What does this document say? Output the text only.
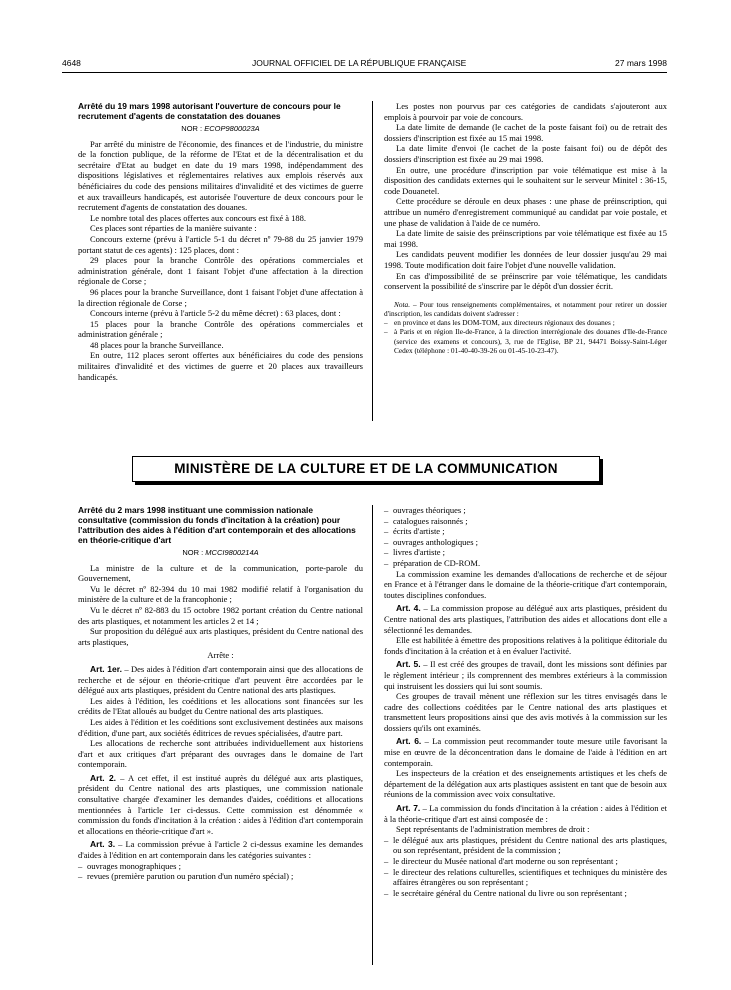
4648	JOURNAL OFFICIEL DE LA RÉPUBLIQUE FRANÇAISE	27 mars 1998
Arrêté du 19 mars 1998 autorisant l'ouverture de concours pour le recrutement d'agents de constatation des douanes
NOR : ECOP9800023A

Par arrêté du ministre de l'économie, des finances et de l'industrie, du ministre de la fonction publique, de la réforme de l'Etat et de la décentralisation et du secrétaire d'Etat au budget en date du 19 mars 1998, indépendamment des dispositions législatives et réglementaires relatives aux emplois réservés aux bénéficiaires du code des pensions militaires d'invalidité et des victimes de guerre et aux travailleurs handicapés, est autorisée l'ouverture de deux concours pour le recrutement d'agents de constatation des douanes.

Le nombre total des places offertes aux concours est fixé à 188.

Ces places sont réparties de la manière suivante :

Concours externe (prévu à l'article 5-1 du décret nº 79-88 du 25 janvier 1979 portant statut de ces agents) : 125 places, dont :

29 places pour la branche Contrôle des opérations commerciales et administration générale, dont 1 faisant l'objet d'une affectation à la direction régionale de Corse ;

96 places pour la branche Surveillance, dont 1 faisant l'objet d'une affectation à la direction régionale de Corse ;

Concours interne (prévu à l'article 5-2 du même décret) : 63 places, dont :

15 places pour la branche Contrôle des opérations commerciales et administration générale ;

48 places pour la branche Surveillance.

En outre, 112 places seront offertes aux bénéficiaires du code des pensions militaires d'invalidité et des victimes de guerre et 20 places aux travailleurs handicapés.

Les postes non pourvus par ces catégories de candidats s'ajouteront aux emplois à pourvoir par voie de concours.

La date limite de demande (le cachet de la poste faisant foi) ou de retrait des dossiers d'inscription est fixée au 15 mai 1998.

La date limite d'envoi (le cachet de la poste faisant foi) ou de dépôt des dossiers d'inscription est fixée au 29 mai 1998.

En outre, une procédure d'inscription par voie télématique est mise à la disposition des candidats externes qui le souhaitent sur le serveur Minitel : 36-15, code Douanetel.

Cette procédure se déroule en deux phases : une phase de préinscription, qui attribue un numéro d'enregistrement communiqué au candidat par voie postale, et une phase de validation à l'aide de ce numéro.

La date limite de saisie des préinscriptions par voie télématique est fixée au 15 mai 1998.

Les candidats peuvent modifier les données de leur dossier jusqu'au 29 mai 1998. Toute modification doit faire l'objet d'une nouvelle validation.

En cas d'impossibilité de se préinscrire par voie télématique, les candidats conservent la possibilité de s'inscrire par le dépôt d'un dossier écrit.

Nota. – Pour tous renseignements complémentaires, et notamment pour retirer un dossier d'inscription, les candidats doivent s'adresser :

– en province et dans les DOM-TOM, aux directeurs régionaux des douanes ;

– à Paris et en région Ile-de-France, à la direction interrégionale des douanes d'Ile-de-France (service des examens et concours), 3, rue de l'Eglise, BP 21, 94471 Boissy-Saint-Léger Cedex (téléphone : 01-40-40-39-26 ou 01-45-10-23-47).

MINISTÈRE DE LA CULTURE ET DE LA COMMUNICATION
Arrêté du 2 mars 1998 instituant une commission nationale consultative (commission du fonds d'incitation à la création) pour l'attribution des aides à l'édition d'art contemporain et des allocations en théorie-critique d'art
NOR : MCCI9800214A

La ministre de la culture et de la communication, porte-parole du Gouvernement,

Vu le décret nº 82-394 du 10 mai 1982 modifié relatif à l'organisation du ministère de la culture et de la francophonie ;

Vu le décret nº 82-883 du 15 octobre 1982 portant création du Centre national des arts plastiques, et notamment les articles 2 et 14 ;

Sur proposition du délégué aux arts plastiques, président du Centre national des arts plastiques,

Arrête :

Art. 1er. – Des aides à l'édition d'art contemporain ainsi que des allocations de recherche et de séjour en théorie-critique d'art peuvent être accordées par le délégué aux arts plastiques, président du Centre national des arts plastiques.

Les aides à l'édition, les coéditions et les allocations sont financées sur les crédits de l'Etat alloués au budget du Centre national des arts plastiques.

Les aides à l'édition et les coéditions sont exclusivement destinées aux maisons d'édition, d'une part, aux sociétés éditrices de revues spécialisées, d'autre part.

Les allocations de recherche sont attribuées individuellement aux historiens d'art et aux critiques d'art préparant des ouvrages dans le domaine de l'art contemporain.

Art. 2. – A cet effet, il est institué auprès du délégué aux arts plastiques, président du Centre national des arts plastiques, une commission nationale consultative chargée d'examiner les demandes d'aides, coéditions et allocations mentionnées à l'article 1er ci-dessus. Cette commission est dénommée « commission du fonds d'incitation à la création : aides à l'édition d'art contemporain et allocations en théorie-critique d'art ».

Art. 3. – La commission prévue à l'article 2 ci-dessus examine les demandes d'aides à l'édition en art contemporain dans les catégories suivantes :

– ouvrages monographiques ;

– revues (première parution ou parution d'un numéro spécial) ;

– ouvrages théoriques ;

– catalogues raisonnés ;

– écrits d'artiste ;

– ouvrages anthologiques ;

– livres d'artiste ;

– préparation de CD-ROM.

La commission examine les demandes d'allocations de recherche et de séjour en France et à l'étranger dans le domaine de la théorie-critique d'art contemporain, toutes disciplines confondues.

Art. 4. – La commission propose au délégué aux arts plastiques, président du Centre national des arts plastiques, l'attribution des aides et allocations dont elle a sélectionné les demandes.

Elle est habilitée à émettre des propositions relatives à la politique éditoriale du fonds d'incitation à la création et à en évaluer l'activité.

Art. 5. – Il est créé des groupes de travail, dont les missions sont définies par le règlement intérieur ; ils comprennent des membres extérieurs à la commission qui instruisent les dossiers qui lui sont soumis.

Ces groupes de travail mènent une réflexion sur les titres envisagés dans le cadre des collections coéditées par le Centre national des arts plastiques et transmettent leurs propositions ainsi que des avis motivés à la commission sur les dossiers qu'ils ont examinés.

Art. 6. – La commission peut recommander toute mesure utile favorisant la mise en œuvre de la déconcentration dans le domaine de l'aide à l'édition en art contemporain.

Les inspecteurs de la création et des enseignements artistiques et les chefs de département de la délégation aux arts plastiques assistent en tant que de besoin aux réunions de la commission avec voix consultative.

Art. 7. – La commission du fonds d'incitation à la création : aides à l'édition et à la théorie-critique d'art est ainsi composée de :

Sept représentants de l'administration membres de droit :

– le délégué aux arts plastiques, président du Centre national des arts plastiques, ou son représentant, président de la commission ;

– le directeur du Musée national d'art moderne ou son représentant ;

– le directeur des relations culturelles, scientifiques et techniques du ministère des affaires étrangères ou son représentant ;

– le secrétaire général du Centre national du livre ou son représentant ;
